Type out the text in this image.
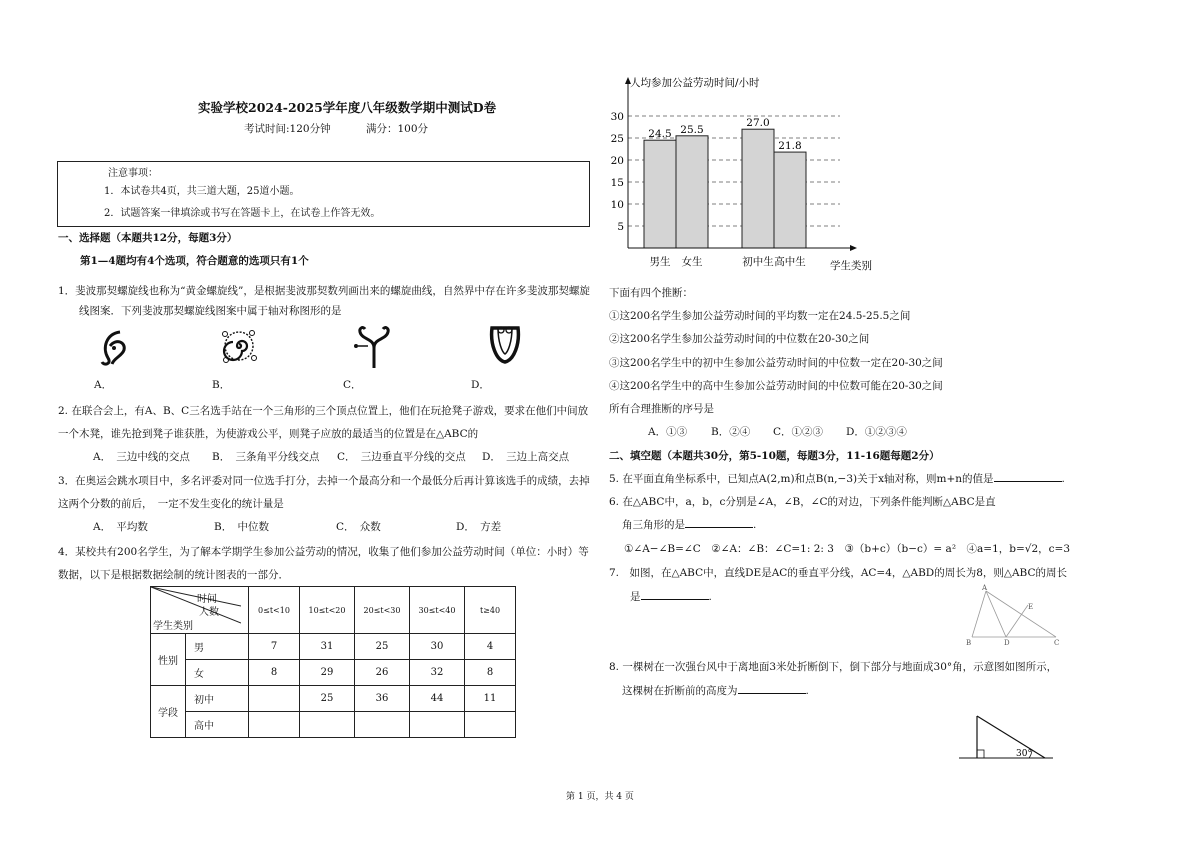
实验学校2024-2025学年度八年级数学期中测试D卷
考试时间:120分钟	满分：100分
注意事项：
1．本试卷共4页，共三道大题，25道小题。
2．试题答案一律填涂或书写在答题卡上，在试卷上作答无效。
一、选择题（本题共12分，每题3分）
第1—4题均有4个选项，符合题意的选项只有1个
1．斐波那契螺旋线也称为“黄金螺旋线”，是根据斐波那契数列画出来的螺旋曲线，自然界中存在许多斐波那契螺旋
线图案．下列斐波那契螺旋线图案中属于轴对称图形的是
A．	B．	C．	D．
2. 在联合会上，有A、B、C三名选手站在一个三角形的三个顶点位置上，他们在玩抢凳子游戏，要求在他们中间放
一个木凳，谁先抢到凳子谁获胜，为使游戏公平，则凳子应放的最适当的位置是在△ABC的
A．　三边中线的交点 B．　三条角平分线交点 C．　三边垂直平分线的交点 D．　三边上高交点
3．在奥运会跳水项目中，多名评委对同一位选手打分，去掉一个最高分和一个最低分后再计算该选手的成绩，去掉
这两个分数的前后，　一定不发生变化的统计量是
A．　平均数	B．　中位数	C．　众数	D．　方差
4．某校共有200名学生，为了解本学期学生参加公益劳动的情况，收集了他们参加公益劳动时间（单位：小时）等
数据，以下是根据数据绘制的统计图表的一部分．
时间
人数
学生类别		0≤t<10	10≤t<20	20≤t<30	30≤t<40	t≥40
性别	男	7	31	25	30	4
	女	8	29	26	32	8
学段	初中		25	36	44	11
	高中					
人均参加公益劳动时间/小时
学生类别
5
10
15
20
25
30
24.5
男生
25.5
女生
27.0
初中生
21.8
高中生
下面有四个推断：
①这200名学生参加公益劳动时间的平均数一定在24.5-25.5之间
②这200名学生参加公益劳动时间的中位数在20-30之间
③这200名学生中的初中生参加公益劳动时间的中位数一定在20-30之间
④这200名学生中的高中生参加公益劳动时间的中位数可能在20-30之间
所有合理推断的序号是
A．①③ B．②④ C．①②③ D．①②③④
二、填空题（本题共30分，第5-10题，每题3分，11-16题每题2分）
5. 在平面直角坐标系中，已知点A(2,m)和点B(n,−3)关于x轴对称，则m+n的值是	.
6. 在△ABC中，a，b，c分别是∠A，∠B，∠C的对边，下列条件能判断△ABC是直
角三角形的是	.
①∠A−∠B=∠C　②∠A：∠B：∠C=1: 2: 3　③（b+c）（b−c）= a²　④a=1，b=√2，c=3
7.　如图，在△ABC中，直线DE是AC的垂直平分线，AC=4，△ABD的周长为8，则△ABC的周长
是	.
A
B	C
D
E
8. 一棵树在一次强台风中于离地面3米处折断倒下，倒下部分与地面成30°角，示意图如图所示，
这棵树在折断前的高度为	.
30°
第 1 页，共 4 页
